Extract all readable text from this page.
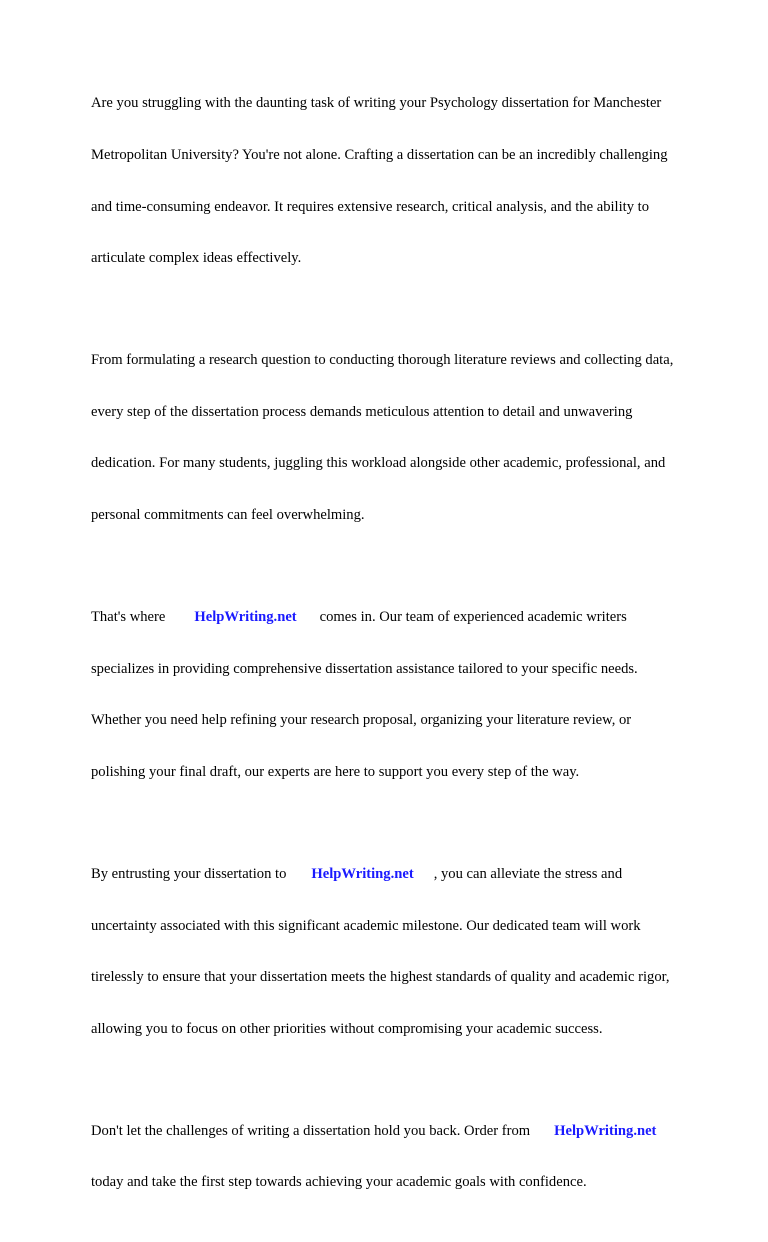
Are you struggling with the daunting task of writing your Psychology dissertation for Manchester

Metropolitan University? You're not alone. Crafting a dissertation can be an incredibly challenging

and time-consuming endeavor. It requires extensive research, critical analysis, and the ability to

articulate complex ideas effectively.

From formulating a research question to conducting thorough literature reviews and collecting data,

every step of the dissertation process demands meticulous attention to detail and unwavering

dedication. For many students, juggling this workload alongside other academic, professional, and

personal commitments can feel overwhelming.

That's where HelpWriting.net comes in. Our team of experienced academic writers

specializes in providing comprehensive dissertation assistance tailored to your specific needs.

Whether you need help refining your research proposal, organizing your literature review, or

polishing your final draft, our experts are here to support you every step of the way.

By entrusting your dissertation to HelpWriting.net , you can alleviate the stress and

uncertainty associated with this significant academic milestone. Our dedicated team will work

tirelessly to ensure that your dissertation meets the highest standards of quality and academic rigor,

allowing you to focus on other priorities without compromising your academic success.

Don't let the challenges of writing a dissertation hold you back. Order from HelpWriting.net

today and take the first step towards achieving your academic goals with confidence.
